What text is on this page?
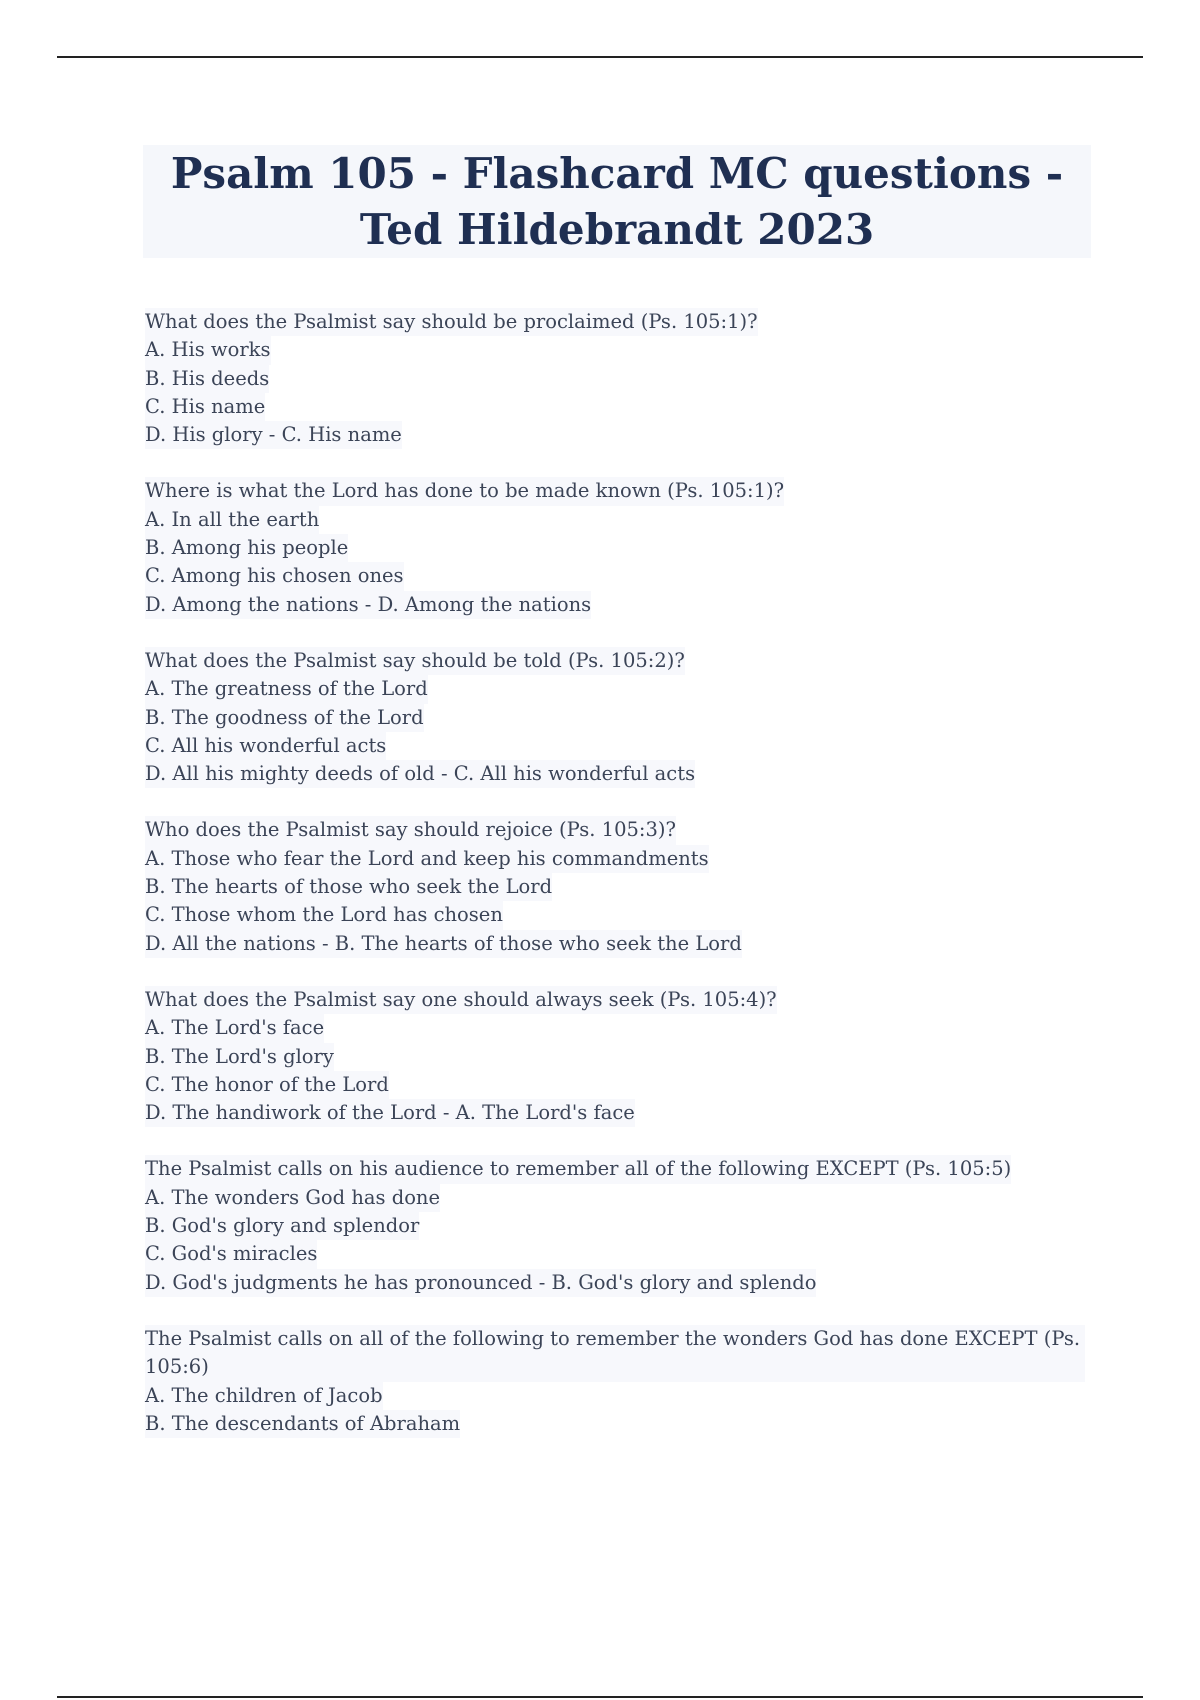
Psalm 105 - Flashcard MC questions - Ted Hildebrandt 2023
What does the Psalmist say should be proclaimed (Ps. 105:1)?
A. His works
B. His deeds
C. His name
D. His glory - C. His name
Where is what the Lord has done to be made known (Ps. 105:1)?
A. In all the earth
B. Among his people
C. Among his chosen ones
D. Among the nations - D. Among the nations
What does the Psalmist say should be told (Ps. 105:2)?
A. The greatness of the Lord
B. The goodness of the Lord
C. All his wonderful acts
D. All his mighty deeds of old - C. All his wonderful acts
Who does the Psalmist say should rejoice (Ps. 105:3)?
A. Those who fear the Lord and keep his commandments
B. The hearts of those who seek the Lord
C. Those whom the Lord has chosen
D. All the nations - B. The hearts of those who seek the Lord
What does the Psalmist say one should always seek (Ps. 105:4)?
A. The Lord's face
B. The Lord's glory
C. The honor of the Lord
D. The handiwork of the Lord - A. The Lord's face
The Psalmist calls on his audience to remember all of the following EXCEPT (Ps. 105:5)
A. The wonders God has done
B. God's glory and splendor
C. God's miracles
D. God's judgments he has pronounced - B. God's glory and splendo
The Psalmist calls on all of the following to remember the wonders God has done EXCEPT (Ps. 105:6)
A. The children of Jacob
B. The descendants of Abraham
